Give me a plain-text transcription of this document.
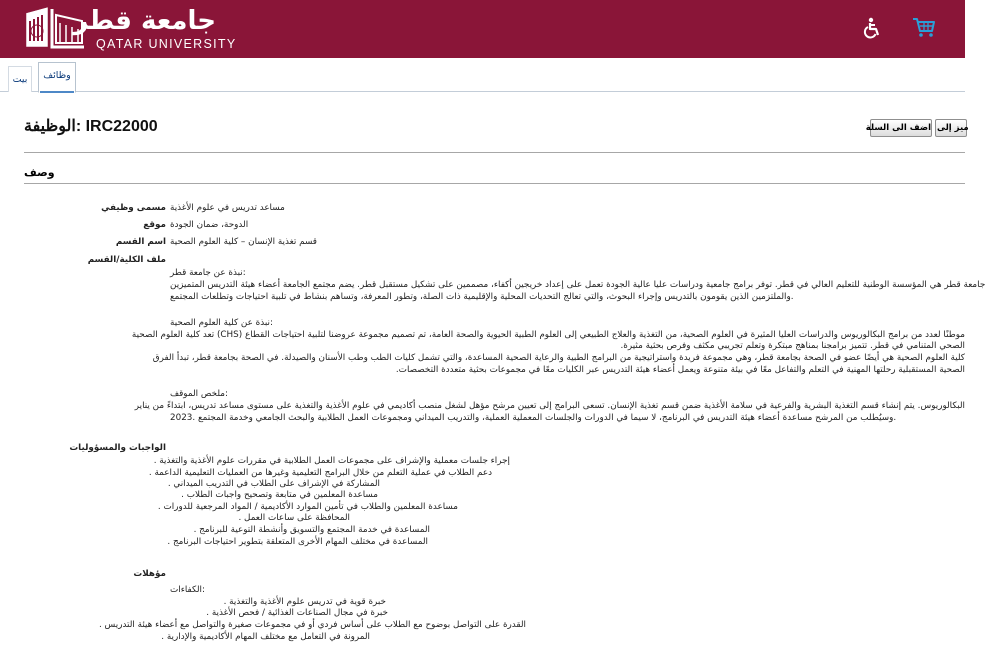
جامعة قطر
QATAR UNIVERSITY
بيت	وظائف
الوظيفة: IRC22000	اضف الى السلة ميز إلى
وصف
مسمى وظيفي مساعد تدريس في علوم الأغذية
موقع الدوحة، ضمان الجودة
اسم القسم قسم تغذية الإنسان – كلية العلوم الصحية
ملف الكلية/القسم
نبذة عن جامعة قطر:
جامعة قطر هي المؤسسة الوطنية للتعليم العالي في قطر. توفر برامج جامعية ودراسات عليا عالية الجودة تعمل على إعداد خريجين أكفاء، مصممين على تشكيل مستقبل قطر. يضم مجتمع الجامعة أعضاء هيئة التدريس المتميزين
والملتزمين الذين يقومون بالتدريس وإجراء البحوث، والتي تعالج التحديات المحلية والإقليمية ذات الصلة، وتطور المعرفة، وتساهم بنشاط في تلبية احتياجات وتطلعات المجتمع.
نبذة عن كلية العلوم الصحية:
موطنًا لعدد من برامج البكالوريوس والدراسات العليا المثيرة في العلوم الصحية، من التغذية والعلاج الطبيعي إلى العلوم الطبية الحيوية والصحة العامة، تم تصميم مجموعة عروضنا لتلبية احتياجات القطاع (CHS) تعد كلية العلوم الصحية
الصحي المتنامي في قطر. تتميز برامجنا بمناهج مبتكرة وتعلم تجريبي مكثف وفرص بحثية مثيرة.
كلية العلوم الصحية هي أيضًا عضو في الصحة بجامعة قطر، وهي مجموعة فريدة واستراتيجية من البرامج الطبية والرعاية الصحية المساعدة، والتي تشمل كليات الطب وطب الأسنان والصيدلة. في الصحة بجامعة قطر، تبدأ الفرق
الصحية المستقبلية رحلتها المهنية في التعلم والتفاعل معًا في بيئة متنوعة ويعمل أعضاء هيئة التدريس عبر الكليات معًا في مجموعات بحثية متعددة التخصصات.
ملخص الموقف:
البكالوريوس. يتم إنشاء قسم التغذية البشرية والفرعية في سلامة الأغذية ضمن قسم تغذية الإنسان. تسعى البرامج إلى تعيين مرشح مؤهل لشغل منصب أكاديمي في علوم الأغذية والتغذية على مستوى مساعد تدريس، ابتداءً من يناير
2023. وسيُطلب من المرشح مساعدة أعضاء هيئة التدريس في البرنامج، لا سيما في الدورات والجلسات المعملية العملية، والتدريب الميداني ومجموعات العمل الطلابية والبحث الجامعي وخدمة المجتمع.
الواجبات والمسؤوليات
إجراء جلسات معملية والإشراف على مجموعات العمل الطلابية في مقررات علوم الأغذية والتغذية .
دعم الطلاب في عملية التعلم من خلال البرامج التعليمية وغيرها من العمليات التعليمية الداعمة .
المشاركة في الإشراف على الطلاب في التدريب الميداني .
مساعدة المعلمين في متابعة وتصحيح واجبات الطلاب .
مساعدة المعلمين والطلاب في تأمين الموارد الأكاديمية / المواد المرجعية للدورات .
المحافظة على ساعات العمل .
المساعدة في خدمة المجتمع والتسويق وأنشطة التوعية للبرنامج .
المساعدة في مختلف المهام الأخرى المتعلقة بتطوير احتياجات البرنامج .
مؤهلات
الكفاءات:
خبرة قوية في تدريس علوم الأغذية والتغذية .
خبرة في مجال الصناعات الغذائية / فحص الأغذية .
القدرة على التواصل بوضوح مع الطلاب على أساس فردي أو في مجموعات صغيرة والتواصل مع أعضاء هيئة التدريس .
المرونة في التعامل مع مختلف المهام الأكاديمية والإدارية .
